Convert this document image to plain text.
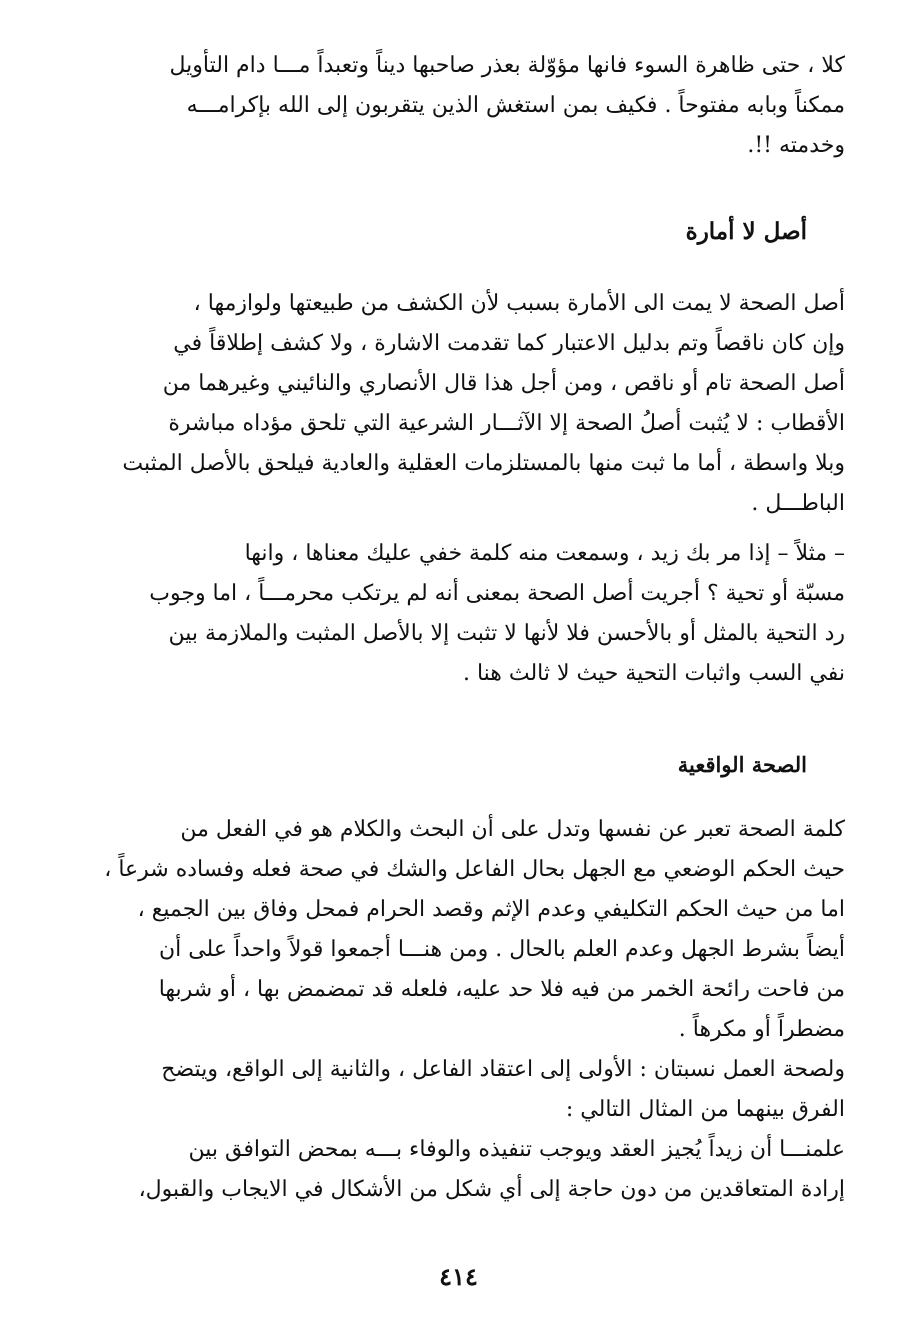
كلا ، حتى ظاهرة السوء فانها مؤوّلة بعذر صاحبها ديناً وتعبداً مـــا دام التأويل
ممكناً وبابه مفتوحاً . فكيف بمن استغش الذين يتقربون إلى الله بإكرامـــه
وخدمته !!.
أصل لا أمارة
أصل الصحة لا يمت الى الأمارة بسبب لأن الكشف من طبيعتها ولوازمها ،
وإن كان ناقصاً وتم بدليل الاعتبار كما تقدمت الاشارة ، ولا كشف إطلاقاً في
أصل الصحة تام أو ناقص ، ومن أجل هذا قال الأنصاري والنائيني وغيرهما من
الأقطاب : لا يُثبت أصلُ الصحة إلا الآثـــار الشرعية التي تلحق مؤداه مباشرة
وبلا واسطة ، أما ما ثبت منها بالمستلزمات العقلية والعادية فيلحق بالأصل المثبت
الباطـــل .
– مثلاً – إذا مر بك زيد ، وسمعت منه كلمة خفي عليك معناها ، وانها
مسبّة أو تحية ؟ أجريت أصل الصحة بمعنى أنه لم يرتكب محرمـــاً ، اما وجوب
رد التحية بالمثل أو بالأحسن فلا لأنها لا تثبت إلا بالأصل المثبت والملازمة بين
نفي السب واثبات التحية حيث لا ثالث هنا .
الصحة الواقعية
كلمة الصحة تعبر عن نفسها وتدل على أن البحث والكلام هو في الفعل من
حيث الحكم الوضعي مع الجهل بحال الفاعل والشك في صحة فعله وفساده شرعاً ،
اما من حيث الحكم التكليفي وعدم الإثم وقصد الحرام فمحل وفاق بين الجميع ،
أيضاً بشرط الجهل وعدم العلم بالحال . ومن هنـــا أجمعوا قولاً واحداً على أن
من فاحت رائحة الخمر من فيه فلا حد عليه، فلعله قد تمضمض بها ، أو شربها
مضطراً أو مكرهاً .
ولصحة العمل نسبتان : الأولى إلى اعتقاد الفاعل ، والثانية إلى الواقع، ويتضح
الفرق بينهما من المثال التالي :
علمنـــا أن زيداً يُجيز العقد ويوجب تنفيذه والوفاء بـــه بمحض التوافق بين
إرادة المتعاقدين من دون حاجة إلى أي شكل من الأشكال في الايجاب والقبول،
٤١٤
